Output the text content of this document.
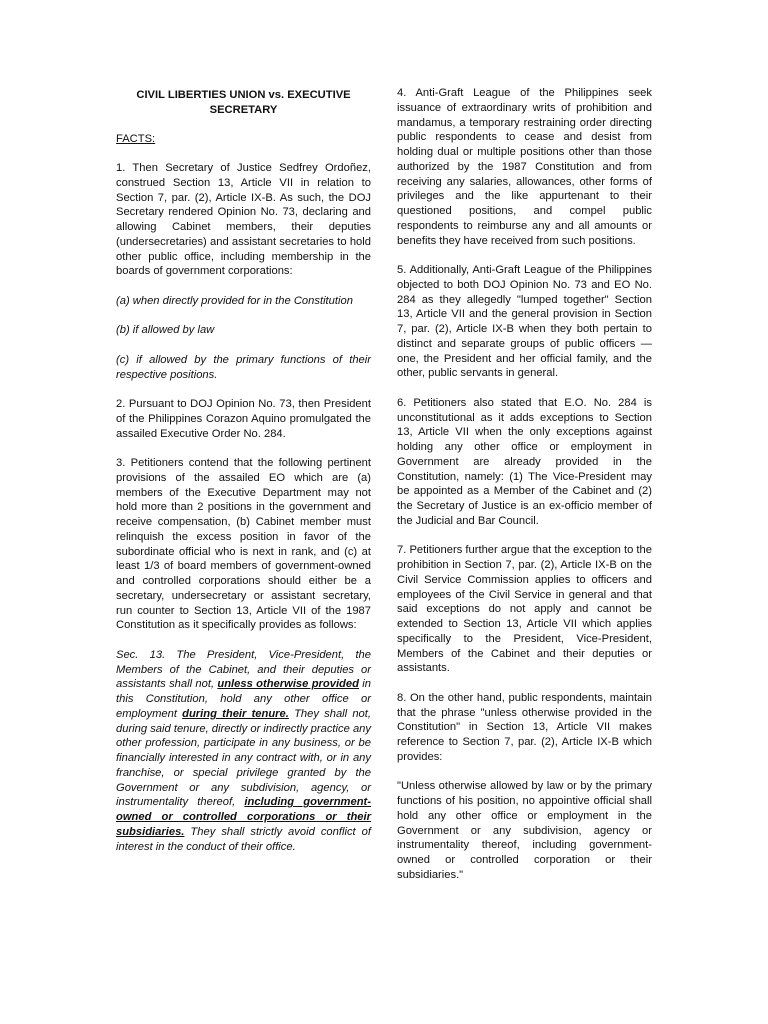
CIVIL LIBERTIES UNION vs. EXECUTIVE SECRETARY
FACTS:

1. Then Secretary of Justice Sedfrey Ordoñez, construed Section 13, Article VII in relation to Section 7, par. (2), Article IX-B. As such, the DOJ Secretary rendered Opinion No. 73, declaring and allowing Cabinet members, their deputies (undersecretaries) and assistant secretaries to hold other public office, including membership in the boards of government corporations:

(a) when directly provided for in the Constitution

(b) if allowed by law

(c) if allowed by the primary functions of their respective positions.

2. Pursuant to DOJ Opinion No. 73, then President of the Philippines Corazon Aquino promulgated the assailed Executive Order No. 284.

3. Petitioners contend that the following pertinent provisions of the assailed EO which are (a) members of the Executive Department may not hold more than 2 positions in the government and receive compensation, (b) Cabinet member must relinquish the excess position in favor of the subordinate official who is next in rank, and (c) at least 1/3 of board members of government-owned and controlled corporations should either be a secretary, undersecretary or assistant secretary, run counter to Section 13, Article VII of the 1987 Constitution as it specifically provides as follows:

Sec. 13. The President, Vice-President, the Members of the Cabinet, and their deputies or assistants shall not, unless otherwise provided in this Constitution, hold any other office or employment during their tenure. They shall not, during said tenure, directly or indirectly practice any other profession, participate in any business, or be financially interested in any contract with, or in any franchise, or special privilege granted by the Government or any subdivision, agency, or instrumentality thereof, including government-owned or controlled corporations or their subsidiaries. They shall strictly avoid conflict of interest in the conduct of their office.

4. Anti-Graft League of the Philippines seek issuance of extraordinary writs of prohibition and mandamus, a temporary restraining order directing public respondents to cease and desist from holding dual or multiple positions other than those authorized by the 1987 Constitution and from receiving any salaries, allowances, other forms of privileges and the like appurtenant to their questioned positions, and compel public respondents to reimburse any and all amounts or benefits they have received from such positions.

5. Additionally, Anti-Graft League of the Philippines objected to both DOJ Opinion No. 73 and EO No. 284 as they allegedly "lumped together" Section 13, Article VII and the general provision in Section 7, par. (2), Article IX-B when they both pertain to distinct and separate groups of public officers — one, the President and her official family, and the other, public servants in general.

6. Petitioners also stated that E.O. No. 284 is unconstitutional as it adds exceptions to Section 13, Article VII when the only exceptions against holding any other office or employment in Government are already provided in the Constitution, namely: (1) The Vice-President may be appointed as a Member of the Cabinet and (2) the Secretary of Justice is an ex-officio member of the Judicial and Bar Council.

7. Petitioners further argue that the exception to the prohibition in Section 7, par. (2), Article IX-B on the Civil Service Commission applies to officers and employees of the Civil Service in general and that said exceptions do not apply and cannot be extended to Section 13, Article VII which applies specifically to the President, Vice-President, Members of the Cabinet and their deputies or assistants.

8. On the other hand, public respondents, maintain that the phrase "unless otherwise provided in the Constitution" in Section 13, Article VII makes reference to Section 7, par. (2), Article IX-B which provides:

"Unless otherwise allowed by law or by the primary functions of his position, no appointive official shall hold any other office or employment in the Government or any subdivision, agency or instrumentality thereof, including government-owned or controlled corporation or their subsidiaries."
